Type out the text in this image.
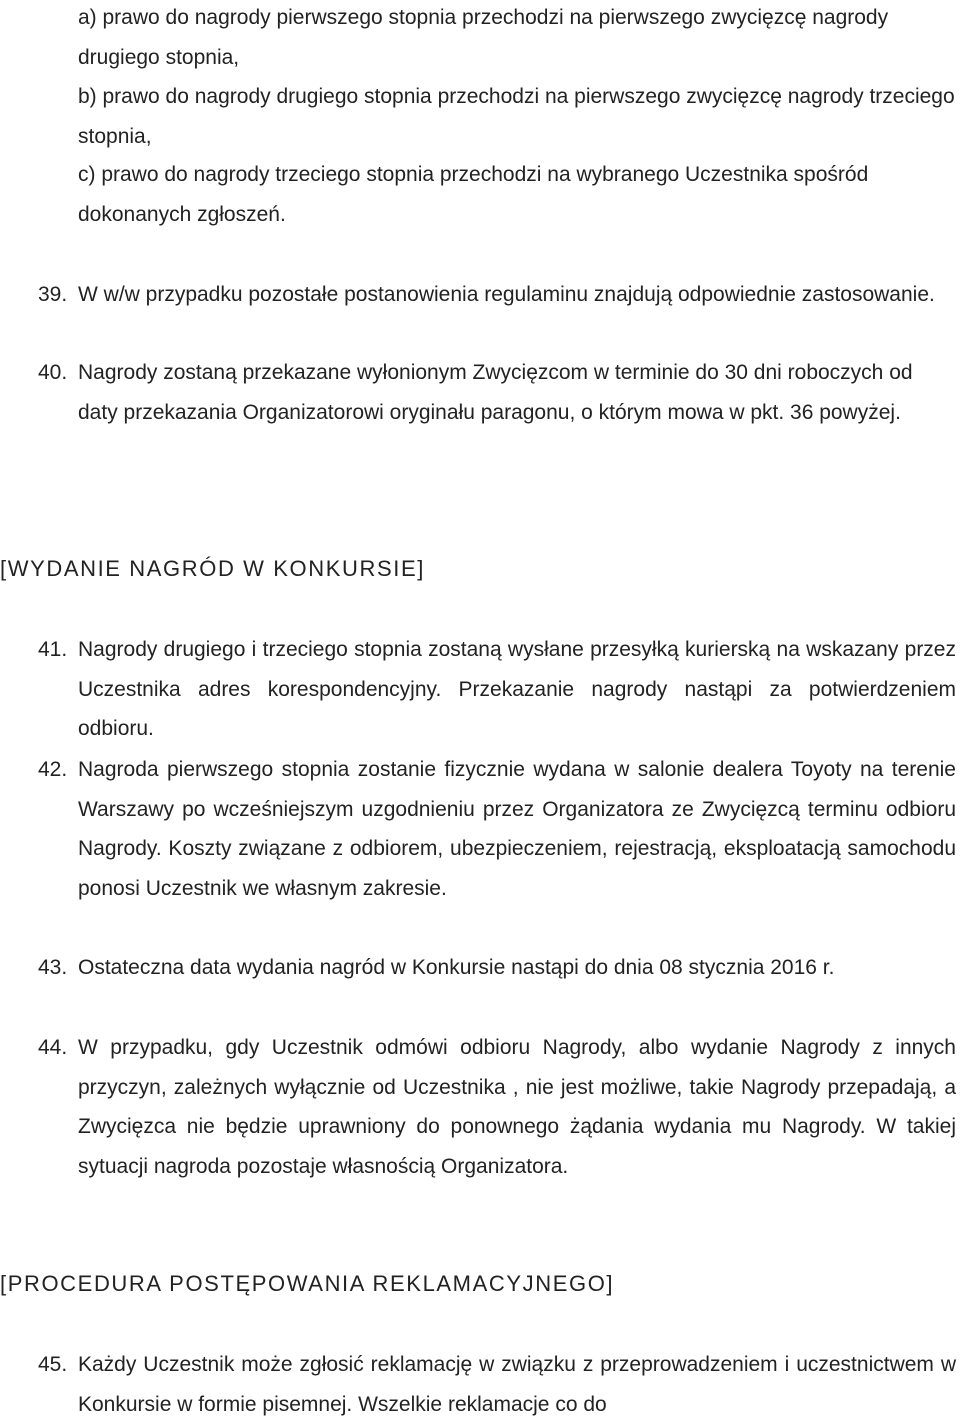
a) prawo do nagrody pierwszego stopnia przechodzi na pierwszego zwycięzcę nagrody drugiego stopnia,

b) prawo do nagrody drugiego stopnia przechodzi na pierwszego zwycięzcę nagrody trzeciego stopnia,

c) prawo do nagrody trzeciego stopnia przechodzi na wybranego Uczestnika spośród dokonanych zgłoszeń.

39. W w/w przypadku pozostałe postanowienia regulaminu znajdują odpowiednie zastosowanie.
40. Nagrody zostaną przekazane wyłonionym Zwycięzcom w terminie do 30 dni roboczych od daty przekazania Organizatorowi oryginału paragonu, o którym mowa w pkt. 36 powyżej.
[WYDANIE NAGRÓD W KONKURSIE]
41. Nagrody drugiego i trzeciego stopnia zostaną wysłane przesyłką kurierską na wskazany przez Uczestnika adres korespondencyjny. Przekazanie nagrody nastąpi za potwierdzeniem odbioru.
42. Nagroda pierwszego stopnia zostanie fizycznie wydana w salonie dealera Toyoty na terenie Warszawy po wcześniejszym uzgodnieniu przez Organizatora ze Zwycięzcą terminu odbioru Nagrody. Koszty związane z odbiorem, ubezpieczeniem, rejestracją, eksploatacją samochodu ponosi Uczestnik we własnym zakresie.
43. Ostateczna data wydania nagród w Konkursie nastąpi do dnia 08 stycznia 2016 r.
44. W przypadku, gdy Uczestnik odmówi odbioru Nagrody, albo wydanie Nagrody z innych przyczyn, zależnych wyłącznie od Uczestnika , nie jest możliwe, takie Nagrody przepadają, a Zwycięzca nie będzie uprawniony do ponownego żądania wydania mu Nagrody. W takiej sytuacji nagroda pozostaje własnością Organizatora.
[PROCEDURA POSTĘPOWANIA REKLAMACYJNEGO]
45. Każdy Uczestnik może zgłosić reklamację w związku z przeprowadzeniem i uczestnictwem w Konkursie w formie pisemnej. Wszelkie reklamacje co do
